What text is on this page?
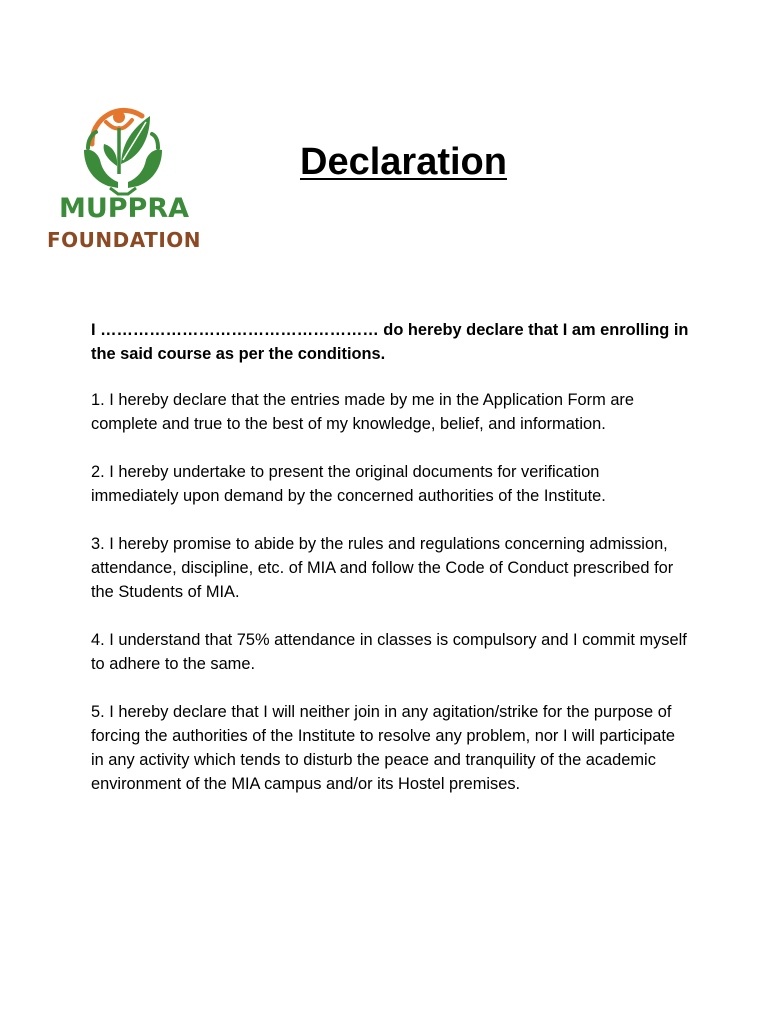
MUPPRA
FOUNDATION
Declaration

I …………………………………………… do hereby declare that I am enrolling in the said course as per the conditions.

1. I hereby declare that the entries made by me in the Application Form are complete and true to the best of my knowledge, belief, and information.

2. I hereby undertake to present the original documents for verification immediately upon demand by the concerned authorities of the Institute.

3. I hereby promise to abide by the rules and regulations concerning admission, attendance, discipline, etc. of MIA and follow the Code of Conduct prescribed for the Students of MIA.

4. I understand that 75% attendance in classes is compulsory and I commit myself to adhere to the same.

5. I hereby declare that I will neither join in any agitation/strike for the purpose of forcing the authorities of the Institute to resolve any problem, nor I will participate in any activity which tends to disturb the peace and tranquility of the academic environment of the MIA campus and/or its Hostel premises.
